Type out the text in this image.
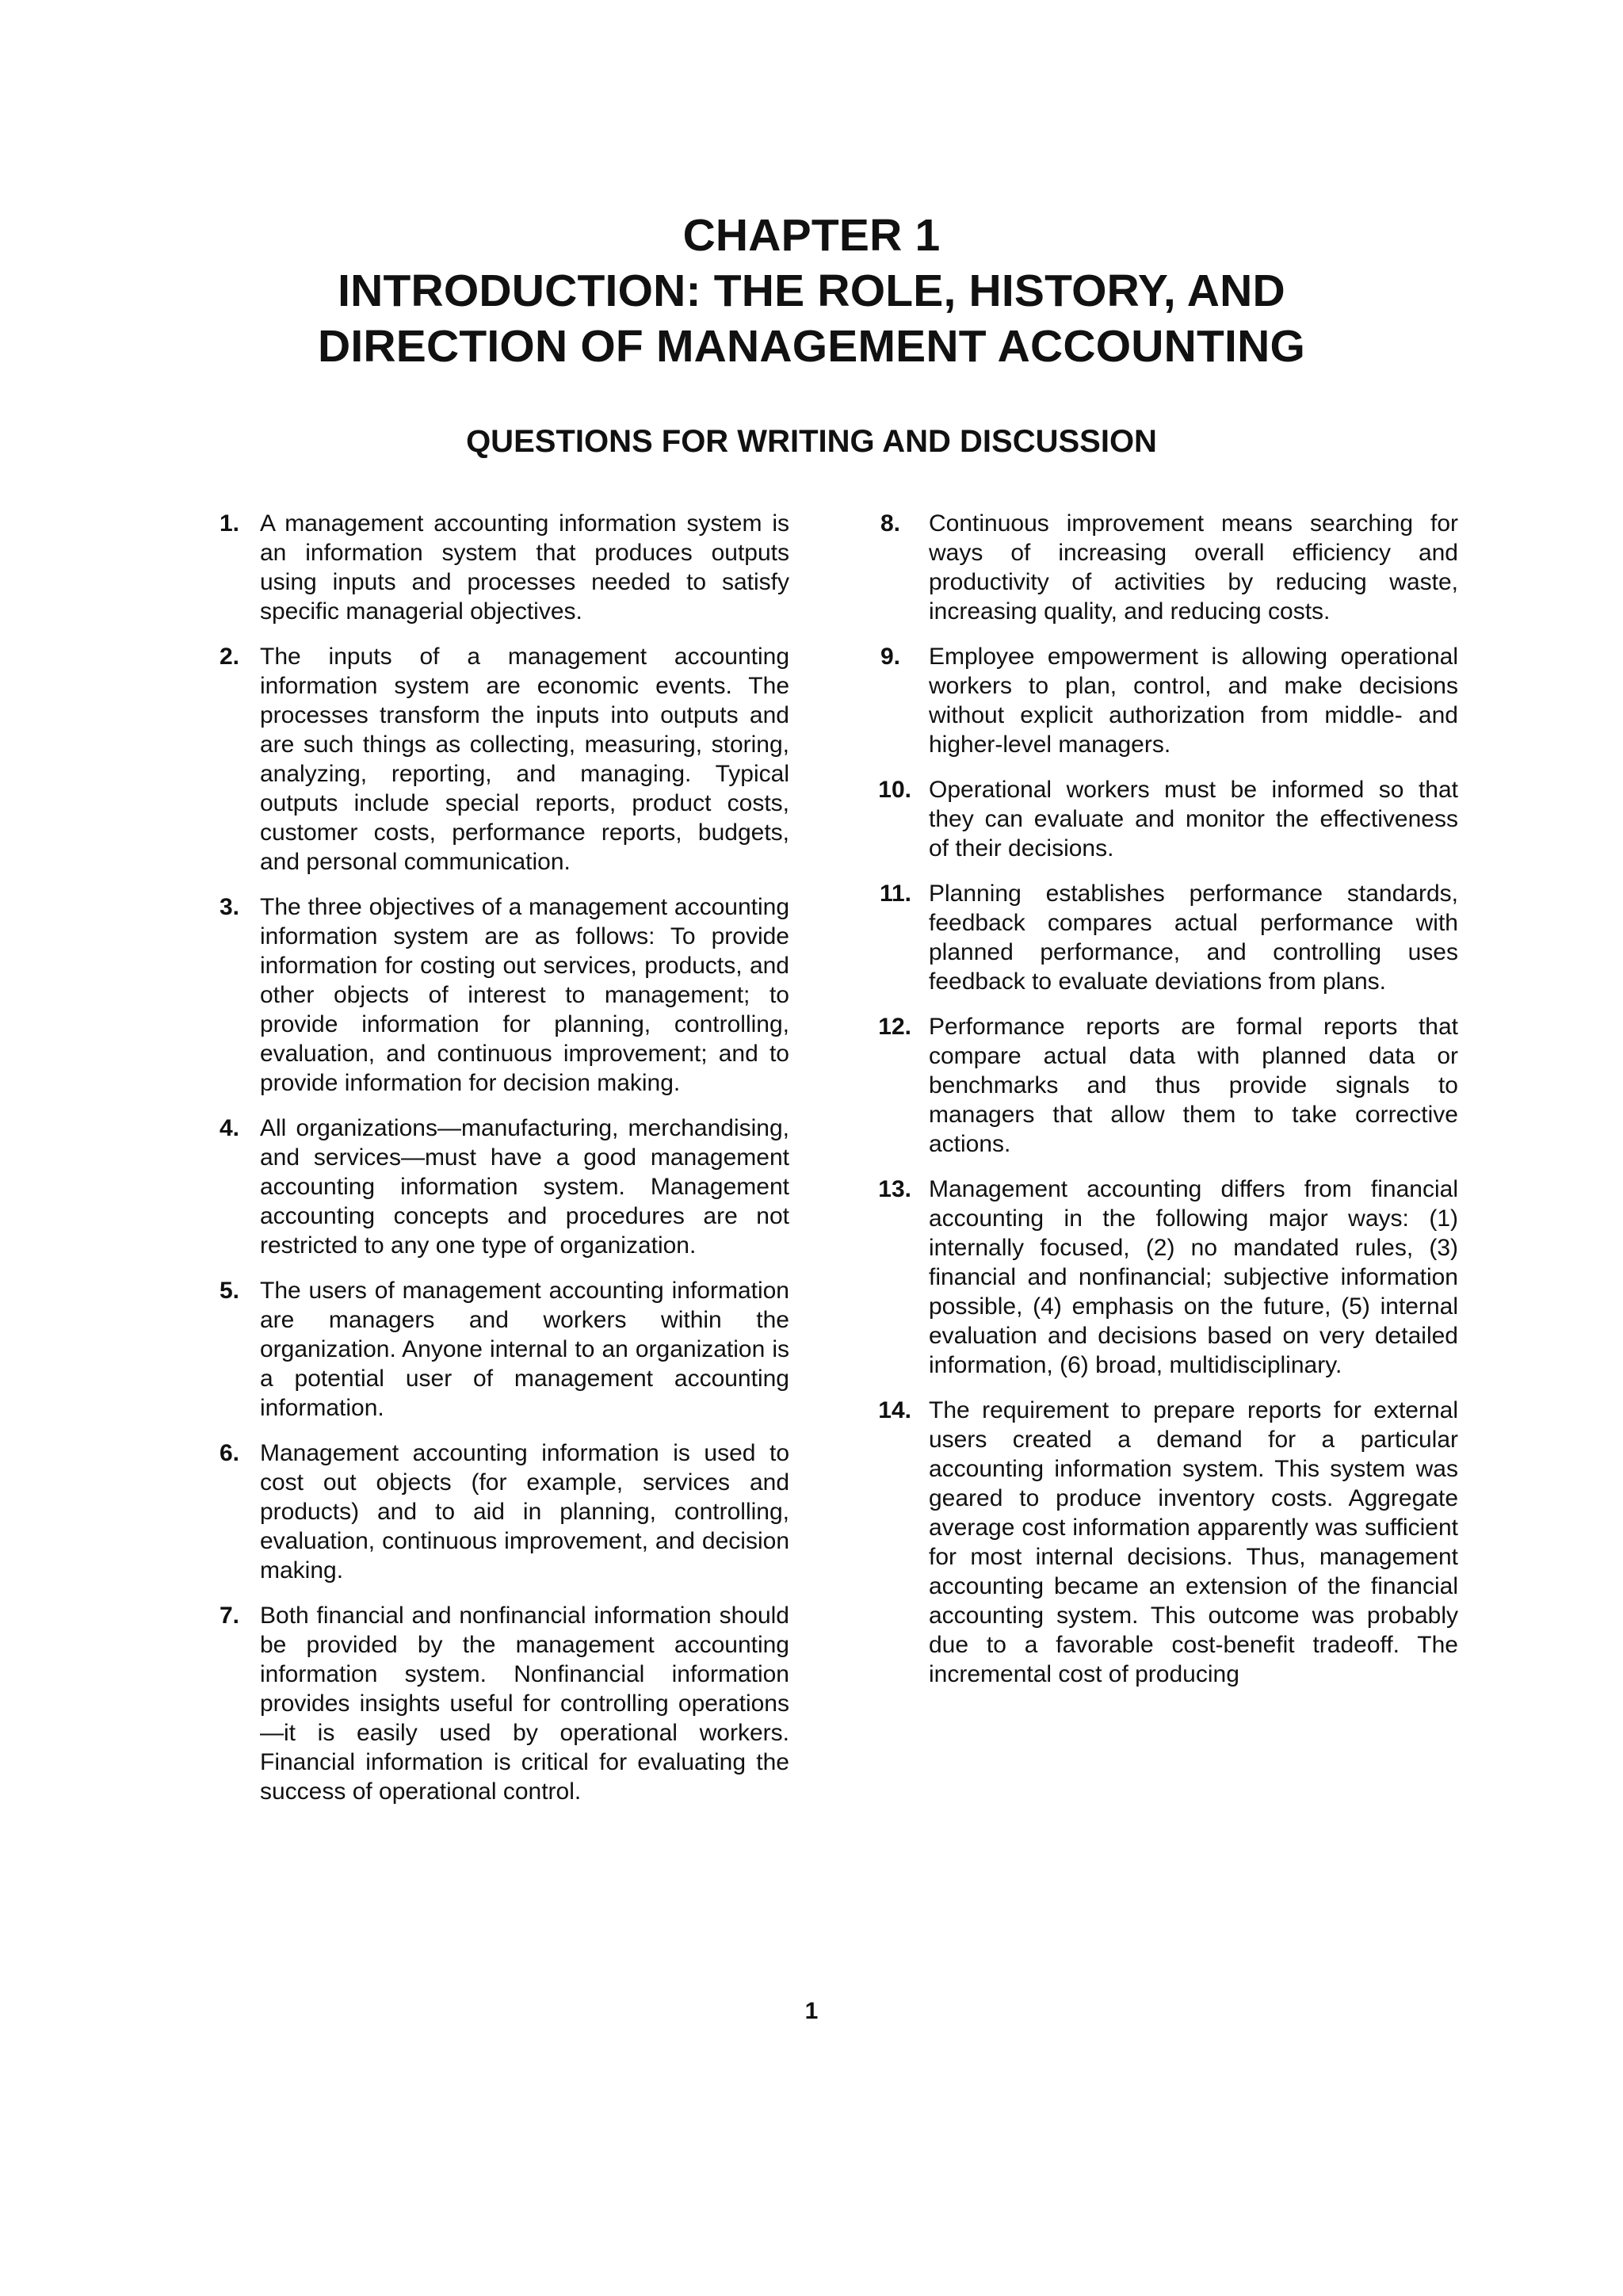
CHAPTER 1
INTRODUCTION: THE ROLE, HISTORY, AND
DIRECTION OF MANAGEMENT ACCOUNTING
QUESTIONS FOR WRITING AND DISCUSSION
1. A management accounting information system is an information system that produces outputs using inputs and processes needed to satisfy specific managerial objectives.
2. The inputs of a management accounting information system are economic events. The processes transform the inputs into outputs and are such things as collecting, measuring, storing, analyzing, reporting, and managing. Typical outputs include special reports, product costs, customer costs, performance reports, budgets, and personal communication.
3. The three objectives of a management accounting information system are as follows: To provide information for costing out services, products, and other objects of interest to management; to provide information for planning, controlling, evaluation, and continuous improvement; and to provide information for decision making.
4. All organizations—manufacturing, merchandising, and services—must have a good management accounting information system. Management accounting concepts and procedures are not restricted to any one type of organization.
5. The users of management accounting information are managers and workers within the organization. Anyone internal to an organization is a potential user of management accounting information.
6. Management accounting information is used to cost out objects (for example, services and products) and to aid in planning, controlling, evaluation, continuous improvement, and decision making.
7. Both financial and nonfinancial information should be provided by the management accounting information system. Nonfinancial information provides insights useful for controlling operations—it is easily used by operational workers. Financial information is critical for evaluating the success of operational control.
8. Continuous improvement means searching for ways of increasing overall efficiency and productivity of activities by reducing waste, increasing quality, and reducing costs.
9. Employee empowerment is allowing operational workers to plan, control, and make decisions without explicit authorization from middle- and higher-level managers.
10. Operational workers must be informed so that they can evaluate and monitor the effectiveness of their decisions.
11. Planning establishes performance standards, feedback compares actual performance with planned performance, and controlling uses feedback to evaluate deviations from plans.
12. Performance reports are formal reports that compare actual data with planned data or benchmarks and thus provide signals to managers that allow them to take corrective actions.
13. Management accounting differs from financial accounting in the following major ways: (1) internally focused, (2) no mandated rules, (3) financial and nonfinancial; subjective information possible, (4) emphasis on the future, (5) internal evaluation and decisions based on very detailed information, (6) broad, multidisciplinary.
14. The requirement to prepare reports for external users created a demand for a particular accounting information system. This system was geared to produce inventory costs. Aggregate average cost information apparently was sufficient for most internal decisions. Thus, management accounting became an extension of the financial accounting system. This outcome was probably due to a favorable cost-benefit tradeoff. The incremental cost of producing
1
